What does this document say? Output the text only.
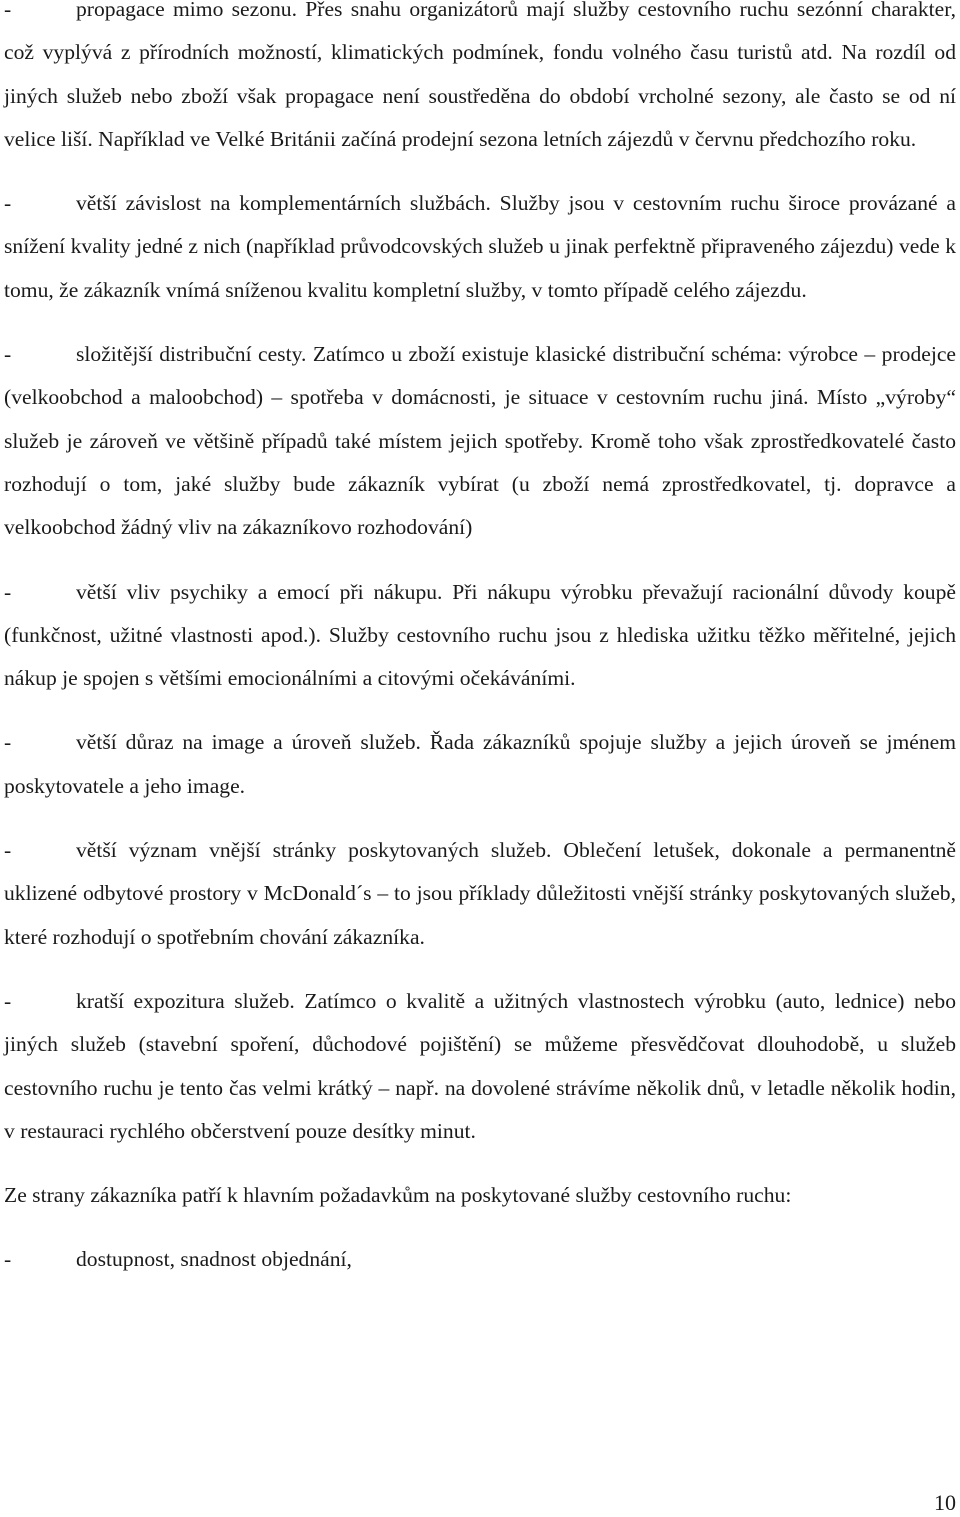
-	propagace mimo sezonu. Přes snahu organizátorů mají služby cestovního ruchu sezónní charakter, což vyplývá z přírodních možností, klimatických podmínek, fondu volného času turistů atd. Na rozdíl od jiných služeb nebo zboží však propagace není soustředěna do období vrcholné sezony, ale často se od ní velice liší. Například ve Velké Británii začíná prodejní sezona letních zájezdů v červnu předchozího roku.

-	větší závislost na komplementárních službách. Služby jsou v cestovním ruchu široce provázané a snížení kvality jedné z nich (například průvodcovských služeb u jinak perfektně připraveného zájezdu) vede k tomu, že zákazník vnímá sníženou kvalitu kompletní služby, v tomto případě celého zájezdu.

-	složitější distribuční cesty. Zatímco u zboží existuje klasické distribuční schéma: výrobce – prodejce (velkoobchod a maloobchod) – spotřeba v domácnosti, je situace v cestovním ruchu jiná. Místo „výroby“ služeb je zároveň ve většině případů také místem jejich spotřeby. Kromě toho však zprostředkovatelé často rozhodují o tom, jaké služby bude zákazník vybírat (u zboží nemá zprostředkovatel, tj. dopravce a velkoobchod žádný vliv na zákazníkovo rozhodování)

-	větší vliv psychiky a emocí při nákupu. Při nákupu výrobku převažují racionální důvody koupě (funkčnost, užitné vlastnosti apod.). Služby cestovního ruchu jsou z hlediska užitku těžko měřitelné, jejich nákup je spojen s většími emocionálními a citovými očekáváními.

-	větší důraz na image a úroveň služeb. Řada zákazníků spojuje služby a jejich úroveň se jménem poskytovatele a jeho image.

-	větší význam vnější stránky poskytovaných služeb. Oblečení letušek, dokonale a permanentně uklizené odbytové prostory v McDonald´s – to jsou příklady důležitosti vnější stránky poskytovaných služeb, které rozhodují o spotřebním chování zákazníka.

-	kratší expozitura služeb. Zatímco o kvalitě a užitných vlastnostech výrobku (auto, lednice) nebo jiných služeb (stavební spoření, důchodové pojištění) se můžeme přesvědčovat dlouhodobě, u služeb cestovního ruchu je tento čas velmi krátký – např. na dovolené strávíme několik dnů, v letadle několik hodin, v restauraci rychlého občerstvení pouze desítky minut.

Ze strany zákazníka patří k hlavním požadavkům na poskytované služby cestovního ruchu:

-	dostupnost, snadnost objednání,

10
